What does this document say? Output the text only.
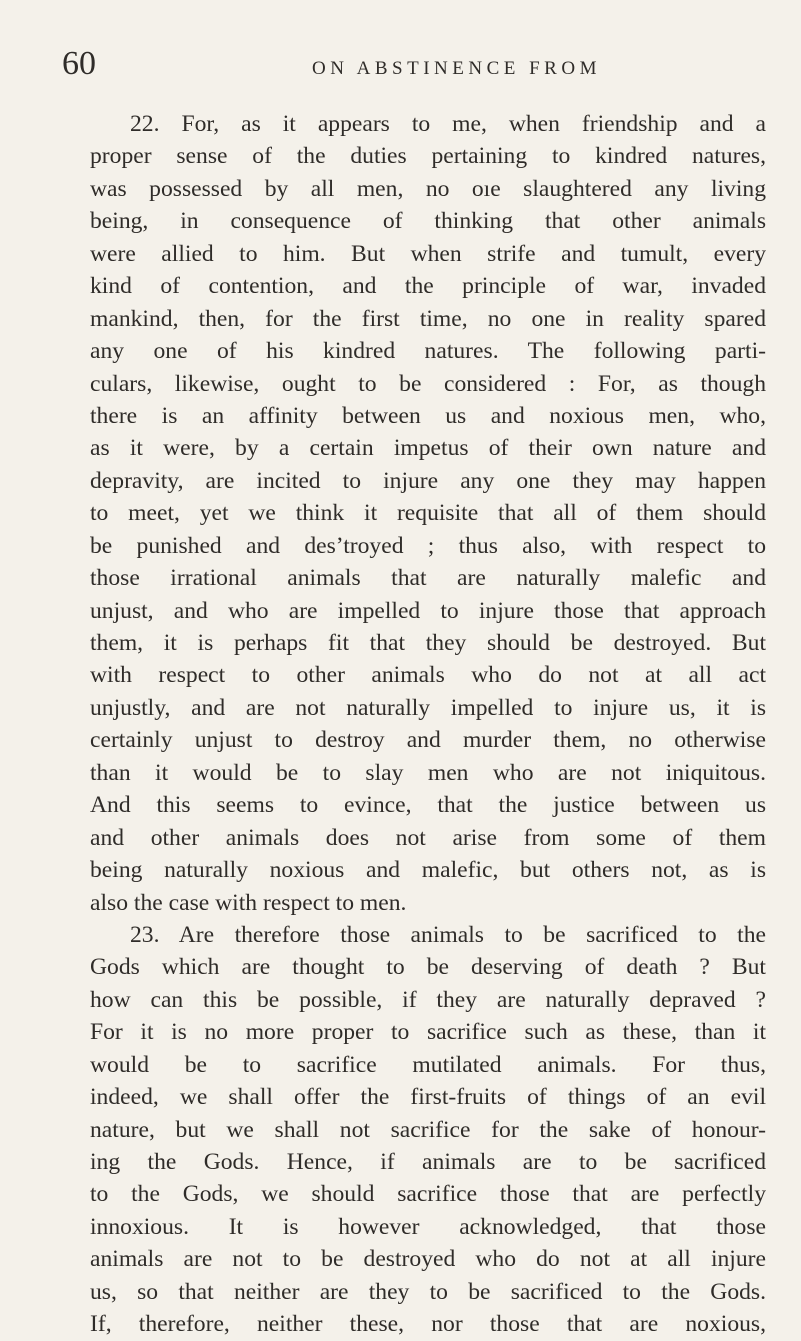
60	ON ABSTINENCE FROM
22. For, as it appears to me, when friendship and a
proper sense of the duties pertaining to kindred natures,
was possessed by all men, no oıe slaughtered any living
being, in consequence of thinking that other animals
were allied to him. But when strife and tumult, every
kind of contention, and the principle of war, invaded
mankind, then, for the first time, no one in reality spared
any one of his kindred natures. The following parti-
culars, likewise, ought to be considered : For, as though
there is an affinity between us and noxious men, who,
as it were, by a certain impetus of their own nature and
depravity, are incited to injure any one they may happen
to meet, yet we think it requisite that all of them should
be punished and des’troyed ; thus also, with respect to
those irrational animals that are naturally malefic and
unjust, and who are impelled to injure those that approach
them, it is perhaps fit that they should be destroyed. But
with respect to other animals who do not at all act
unjustly, and are not naturally impelled to injure us, it is
certainly unjust to destroy and murder them, no otherwise
than it would be to slay men who are not iniquitous.
And this seems to evince, that the justice between us
and other animals does not arise from some of them
being naturally noxious and malefic, but others not, as is
also the case with respect to men.
23. Are therefore those animals to be sacrificed to the
Gods which are thought to be deserving of death ? But
how can this be possible, if they are naturally depraved ?
For it is no more proper to sacrifice such as these, than it
would be to sacrifice mutilated animals. For thus,
indeed, we shall offer the first-fruits of things of an evil
nature, but we shall not sacrifice for the sake of honour-
ing the Gods. Hence, if animals are to be sacrificed
to the Gods, we should sacrifice those that are perfectly
innoxious. It is however acknowledged, that those
animals are not to be destroyed who do not at all injure
us, so that neither are they to be sacrificed to the Gods.
If, therefore, neither these, nor those that are noxious,
